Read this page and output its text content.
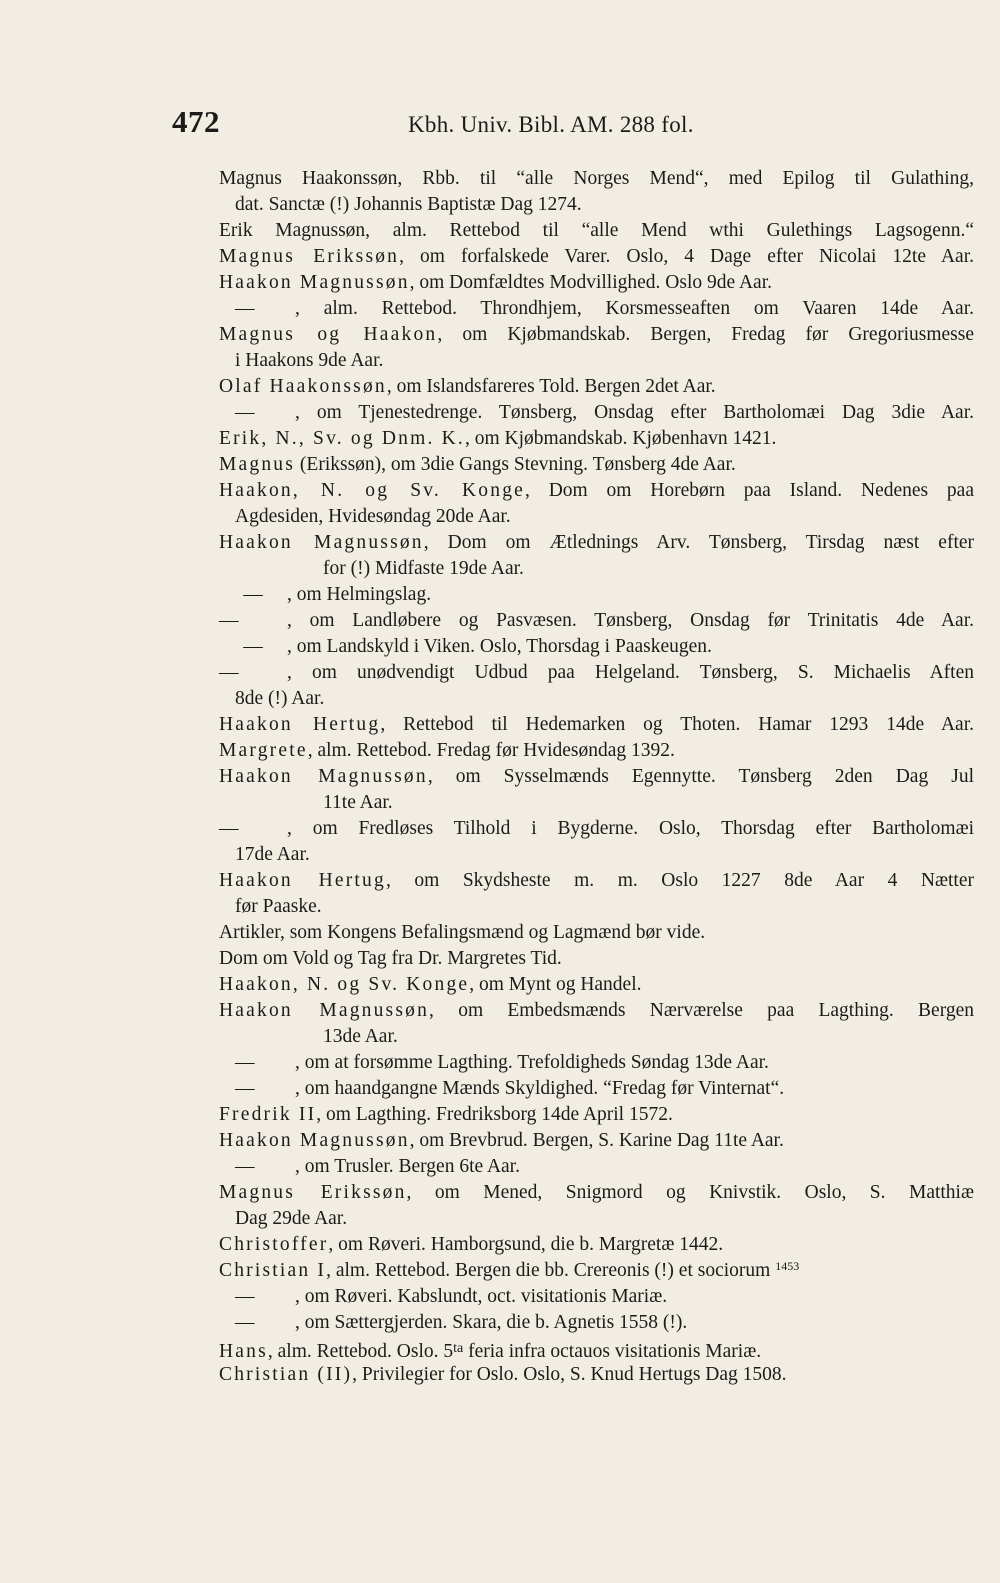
472	Kbh. Univ. Bibl. AM. 288 fol.
Magnus Haakonssøn, Rbb. til “alle Norges Mend“, med Epilog til Gulathing,
dat. Sanctæ (!) Johannis Baptistæ Dag 1274.
Erik Magnussøn, alm. Rettebod til “alle Mend wthi Gulethings Lagsogenn.“
Magnus Erikssøn, om forfalskede Varer. Oslo, 4 Dage efter Nicolai 12te Aar.
Haakon Magnussøn, om Domfældtes Modvillighed. Oslo 9de Aar.
— , alm. Rettebod. Throndhjem, Korsmesseaften om Vaaren 14de Aar.
Magnus og Haakon, om Kjøbmandskab. Bergen, Fredag før Gregoriusmesse
i Haakons 9de Aar.
Olaf Haakonssøn, om Islandsfareres Told. Bergen 2det Aar.
— , om Tjenestedrenge. Tønsberg, Onsdag efter Bartholomæi Dag 3die Aar.
Erik, N., Sv. og Dnm. K., om Kjøbmandskab. Kjøbenhavn 1421.
Magnus (Erikssøn), om 3die Gangs Stevning. Tønsberg 4de Aar.
Haakon, N. og Sv. Konge, Dom om Horebørn paa Island. Nedenes paa
Agdesiden, Hvidesøndag 20de Aar.
Haakon Magnussøn, Dom om Ætlednings Arv. Tønsberg, Tirsdag næst efter
for (!) Midfaste 19de Aar.
— , om Helmingslag.
— , om Landløbere og Pasvæsen. Tønsberg, Onsdag før Trinitatis 4de Aar.
— , om Landskyld i Viken. Oslo, Thorsdag i Paaskeugen.
— , om unødvendigt Udbud paa Helgeland. Tønsberg, S. Michaelis Aften
8de (!) Aar.
Haakon Hertug, Rettebod til Hedemarken og Thoten. Hamar 1293 14de Aar.
Margrete, alm. Rettebod. Fredag før Hvidesøndag 1392.
Haakon Magnussøn, om Sysselmænds Egennytte. Tønsberg 2den Dag Jul
11te Aar.
— , om Fredløses Tilhold i Bygderne. Oslo, Thorsdag efter Bartholomæi
17de Aar.
Haakon Hertug, om Skydsheste m. m. Oslo 1227 8de Aar 4 Nætter
før Paaske.
Artikler, som Kongens Befalingsmænd og Lagmænd bør vide.
Dom om Vold og Tag fra Dr. Margretes Tid.
Haakon, N. og Sv. Konge, om Mynt og Handel.
Haakon Magnussøn, om Embedsmænds Nærværelse paa Lagthing. Bergen
13de Aar.
— , om at forsømme Lagthing. Trefoldigheds Søndag 13de Aar.
— , om haandgangne Mænds Skyldighed. “Fredag før Vinternat“.
Fredrik II, om Lagthing. Fredriksborg 14de April 1572.
Haakon Magnussøn, om Brevbrud. Bergen, S. Karine Dag 11te Aar.
— , om Trusler. Bergen 6te Aar.
Magnus Erikssøn, om Mened, Snigmord og Knivstik. Oslo, S. Matthiæ
Dag 29de Aar.
Christoffer, om Røveri. Hamborgsund, die b. Margretæ 1442.
Christian I, alm. Rettebod. Bergen die bb. Crereonis (!) et sociorum $^{1453}$
— , om Røveri. Kabslundt, oct. visitationis Mariæ.
— , om Sættergjerden. Skara, die b. Agnetis 1558 (!).
Hans, alm. Rettebod. Oslo. $5^{ta}$ feria infra octauos visitationis Mariæ.
Christian (II), Privilegier for Oslo. Oslo, S. Knud Hertugs Dag 1508.
